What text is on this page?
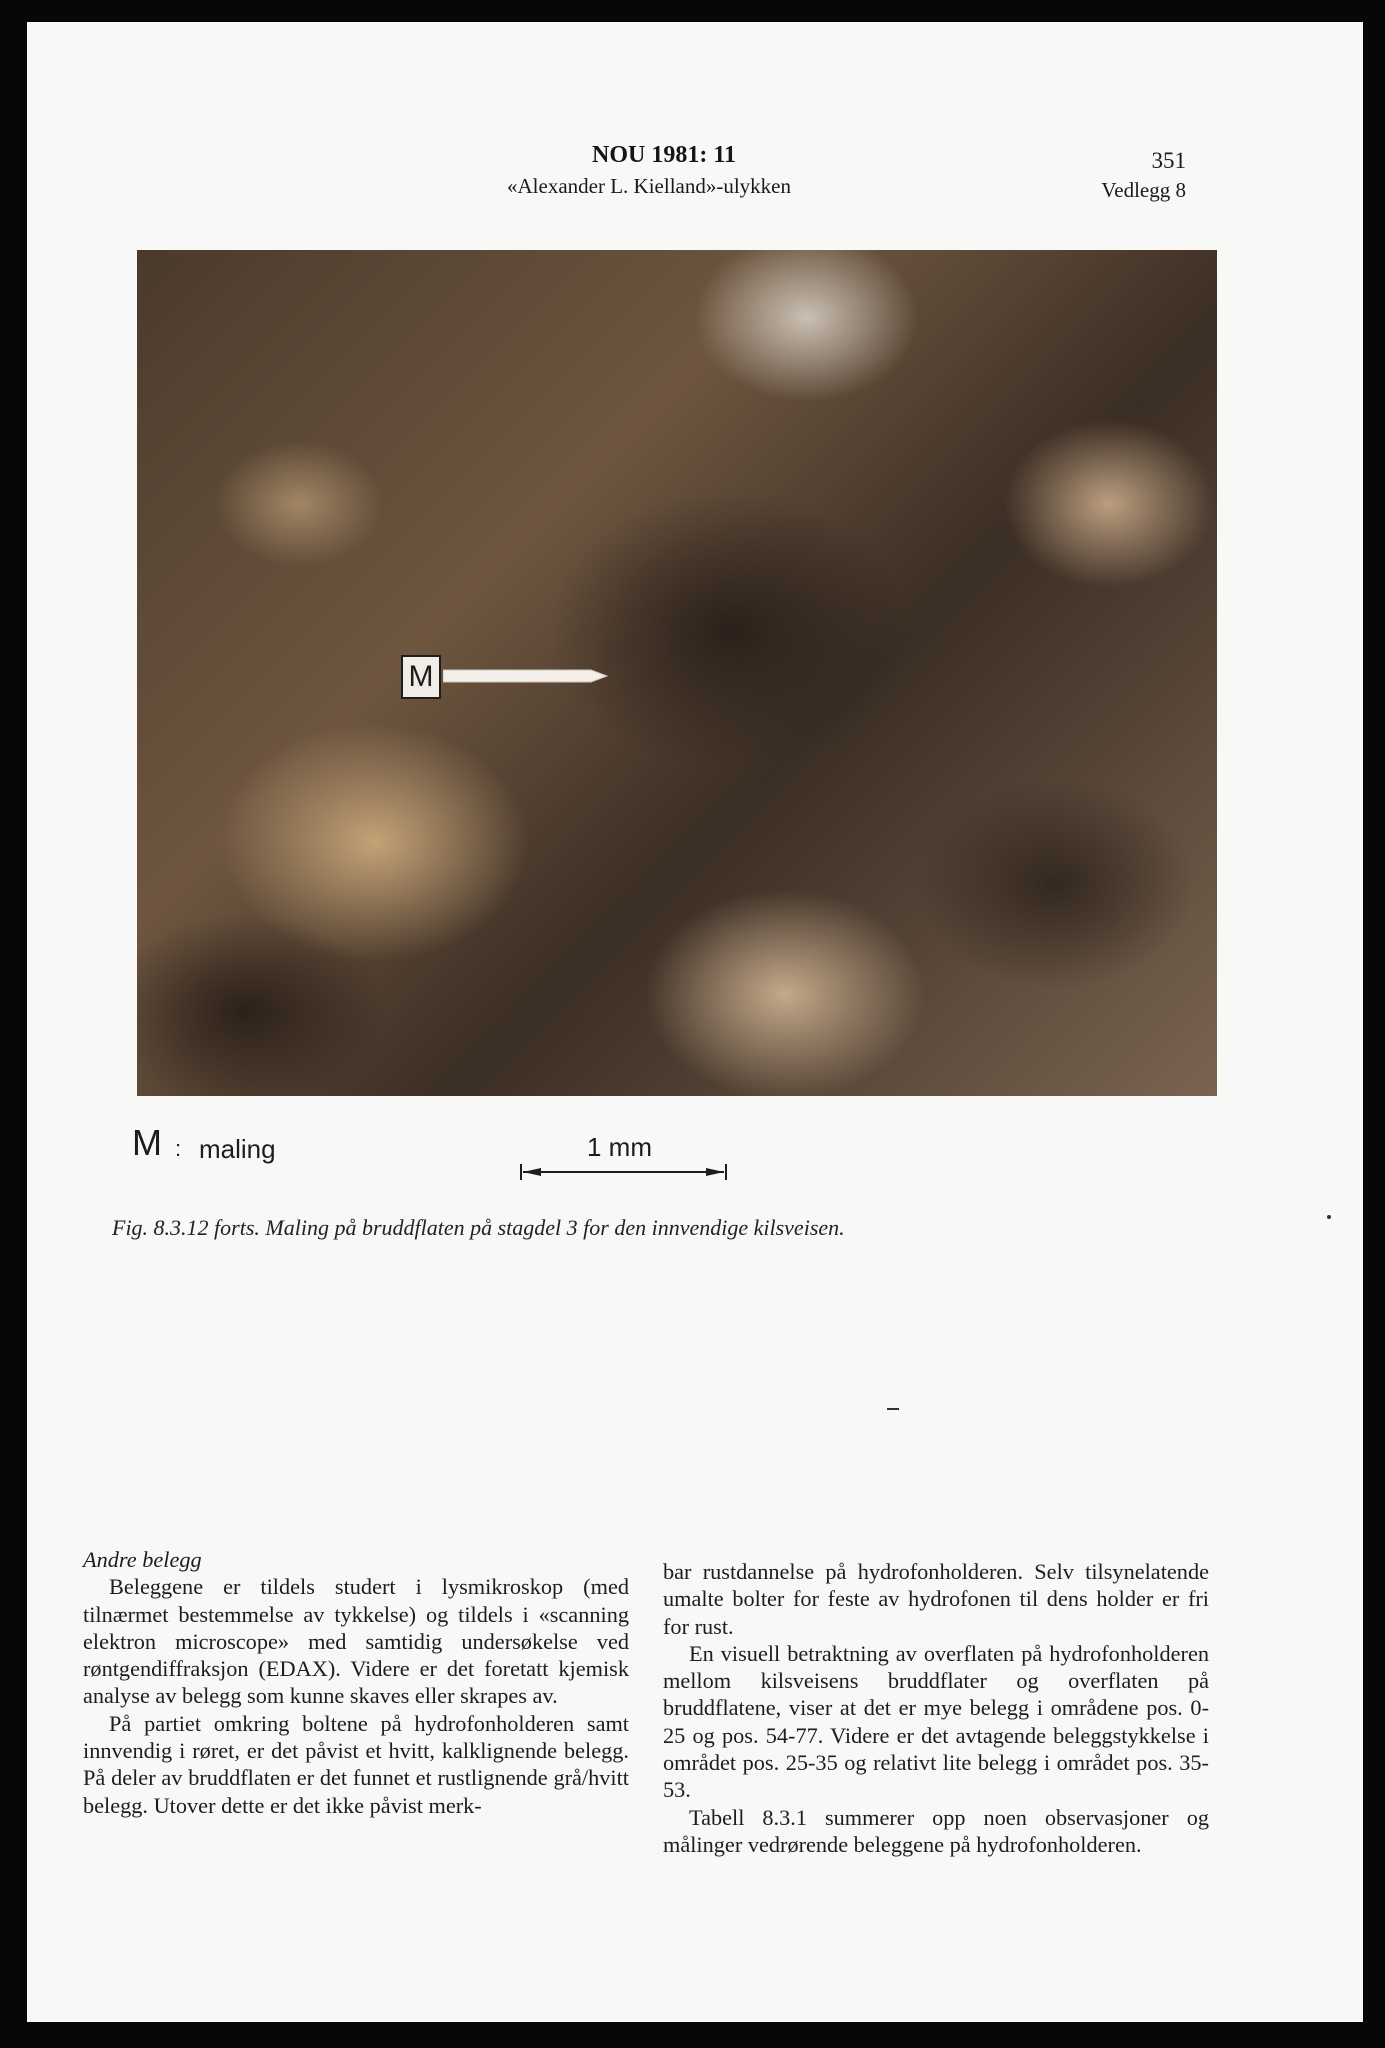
NOU 1981: 11
«Alexander L. Kielland»-ulykken
351
Vedlegg 8
M
M : maling	1 mm
Fig. 8.3.12 forts. Maling på bruddflaten på stagdel 3 for den innvendige kilsveisen.
Andre belegg

Beleggene er tildels studert i lysmikroskop (med tilnærmet bestemmelse av tykkelse) og tildels i «scanning elektron microscope» med samtidig undersøkelse ved røntgendiffraksjon (EDAX). Videre er det foretatt kjemisk analyse av belegg som kunne skaves eller skrapes av.

På partiet omkring boltene på hydrofonholderen samt innvendig i røret, er det påvist et hvitt, kalklignende belegg. På deler av bruddflaten er det funnet et rustlignende grå/hvitt belegg. Utover dette er det ikke påvist merk-

bar rustdannelse på hydrofonholderen. Selv tilsynelatende umalte bolter for feste av hydrofonen til dens holder er fri for rust.

En visuell betraktning av overflaten på hydrofonholderen mellom kilsveisens bruddflater og overflaten på bruddflatene, viser at det er mye belegg i områdene pos. 0-25 og pos. 54-77. Videre er det avtagende beleggstykkelse i området pos. 25-35 og relativt lite belegg i området pos. 35-53.

Tabell 8.3.1 summerer opp noen observasjoner og målinger vedrørende beleggene på hydrofonholderen.
